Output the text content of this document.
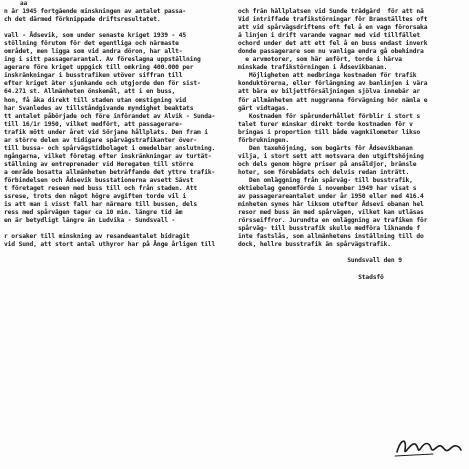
aa
n år 1945 fortgående minskningen av antalet passa-
ch det därmed förknippade driftsresultatet.
vall - Ådsevik, som under senaste kriget 1939 - 45
stöllning förutom för det egentliga och närmaste
området, men ligga som vid andra döron, har allt-
ing i sitt passagerarantal. Av föreslagna uppställning
agerare före kriget uppgick till omkring 400.000 per
inskränkningar i busstrafiken utöver siffran till
efter kriget äter sjunkande och utgjorde den för sist-
64.271 st. Allmänheten önskemål, att i en buss,
hon, få åka direkt till staden utan omstigning vid
har Svanledes av tillståndgivande myndighet beaktats
tt antalet påbörjade och före införandet av Alvik - Sunda-
till 16/1r 1950, vilket medfört, att passagerare-
trafik mött under året vid Sörjane hållplats. Den fram i
ar större delen av tidigare spårvägstrafikanter över-
till bussa- och spårvägstidbolaget i omedelbar anslutning.
ngångarna, vilket företag efter inskränkningar av turtät-
ställning av entreprenader vid Heregaten till större
a område bosatta allmänheten beträffande det yttre trafik-
förbindelsen och Ådsevik busstationerna avsett Sävst
t företaget reseen med buss till och från staden. Att
ssrese, trots den något högre avgiften torde vil i
is att man i visst fall har närmare till bussen, dels
ress med spårvägen tager ca 10 min. längre tid äm
en är betydligt längre än Ludvika - Sundsvall -
r orsaker till minskning av resandeantalet bidragit
vid Sund, att stort antal uthyror har på Ånge årligen till
och från hållplatsen vid Sunde trädgård  för att nä
Vid intriffade trafikstörningar för Branställtes oft
att vid spårvägsdriftens oft fel å en vagn förorsaka
ä linjen i drift varande vagnar med vid tillfället
ochord under det att ett fel å en buss endast inverk
donde passagerare som nu vanliga endra gå obehindra
e arvmotorer, som här anfört, torde i härva
minskade trafikstörningen i Ådsevikbanan.
Möjligheten att nedbringa kostnaden för trafik
konduktörerna, eller förlängning av banlinjen i vära
att bära ev biljettförsäljningen sjölva innebär ar
för allmänheten att nuggranna förvägning hör nämla e
gärt vidtagas.
Kostnaden för spårunderhållet förblir i stort s
talet turer minskar direkt torde kostnaden för v
bringas i proportion till både vagnkilometer likso
förbrukningen.
Den taxehöjning, som begärts för Ådsevikbanan
vilja, i stort sett att motsvara den utgiftshöjning
och dels genom högre priser på ansåldjor, bränsle
hoter, som förebådats och delvis redan inträtt.
Den omläggning från spårväg- till busstrafik,
oktiebolag genomförde i november 1949 har visat s
av passagerareantalet under år 1950 eller med 416.4
minheten synes här liksom utefter Ådsevi obanan hel
resor med buss än med spårvägen, vilket kan utläsas
rörsseiffror. Jurundta en omläggning av trafiken för
spårväg- till busstrafik skulle medföra liknande f
inte fastslås, som allmänhetens inställning till do
dock, hellre busstrafik än spårvägstrafik.
Sundsvall den 9
Stadsfö
